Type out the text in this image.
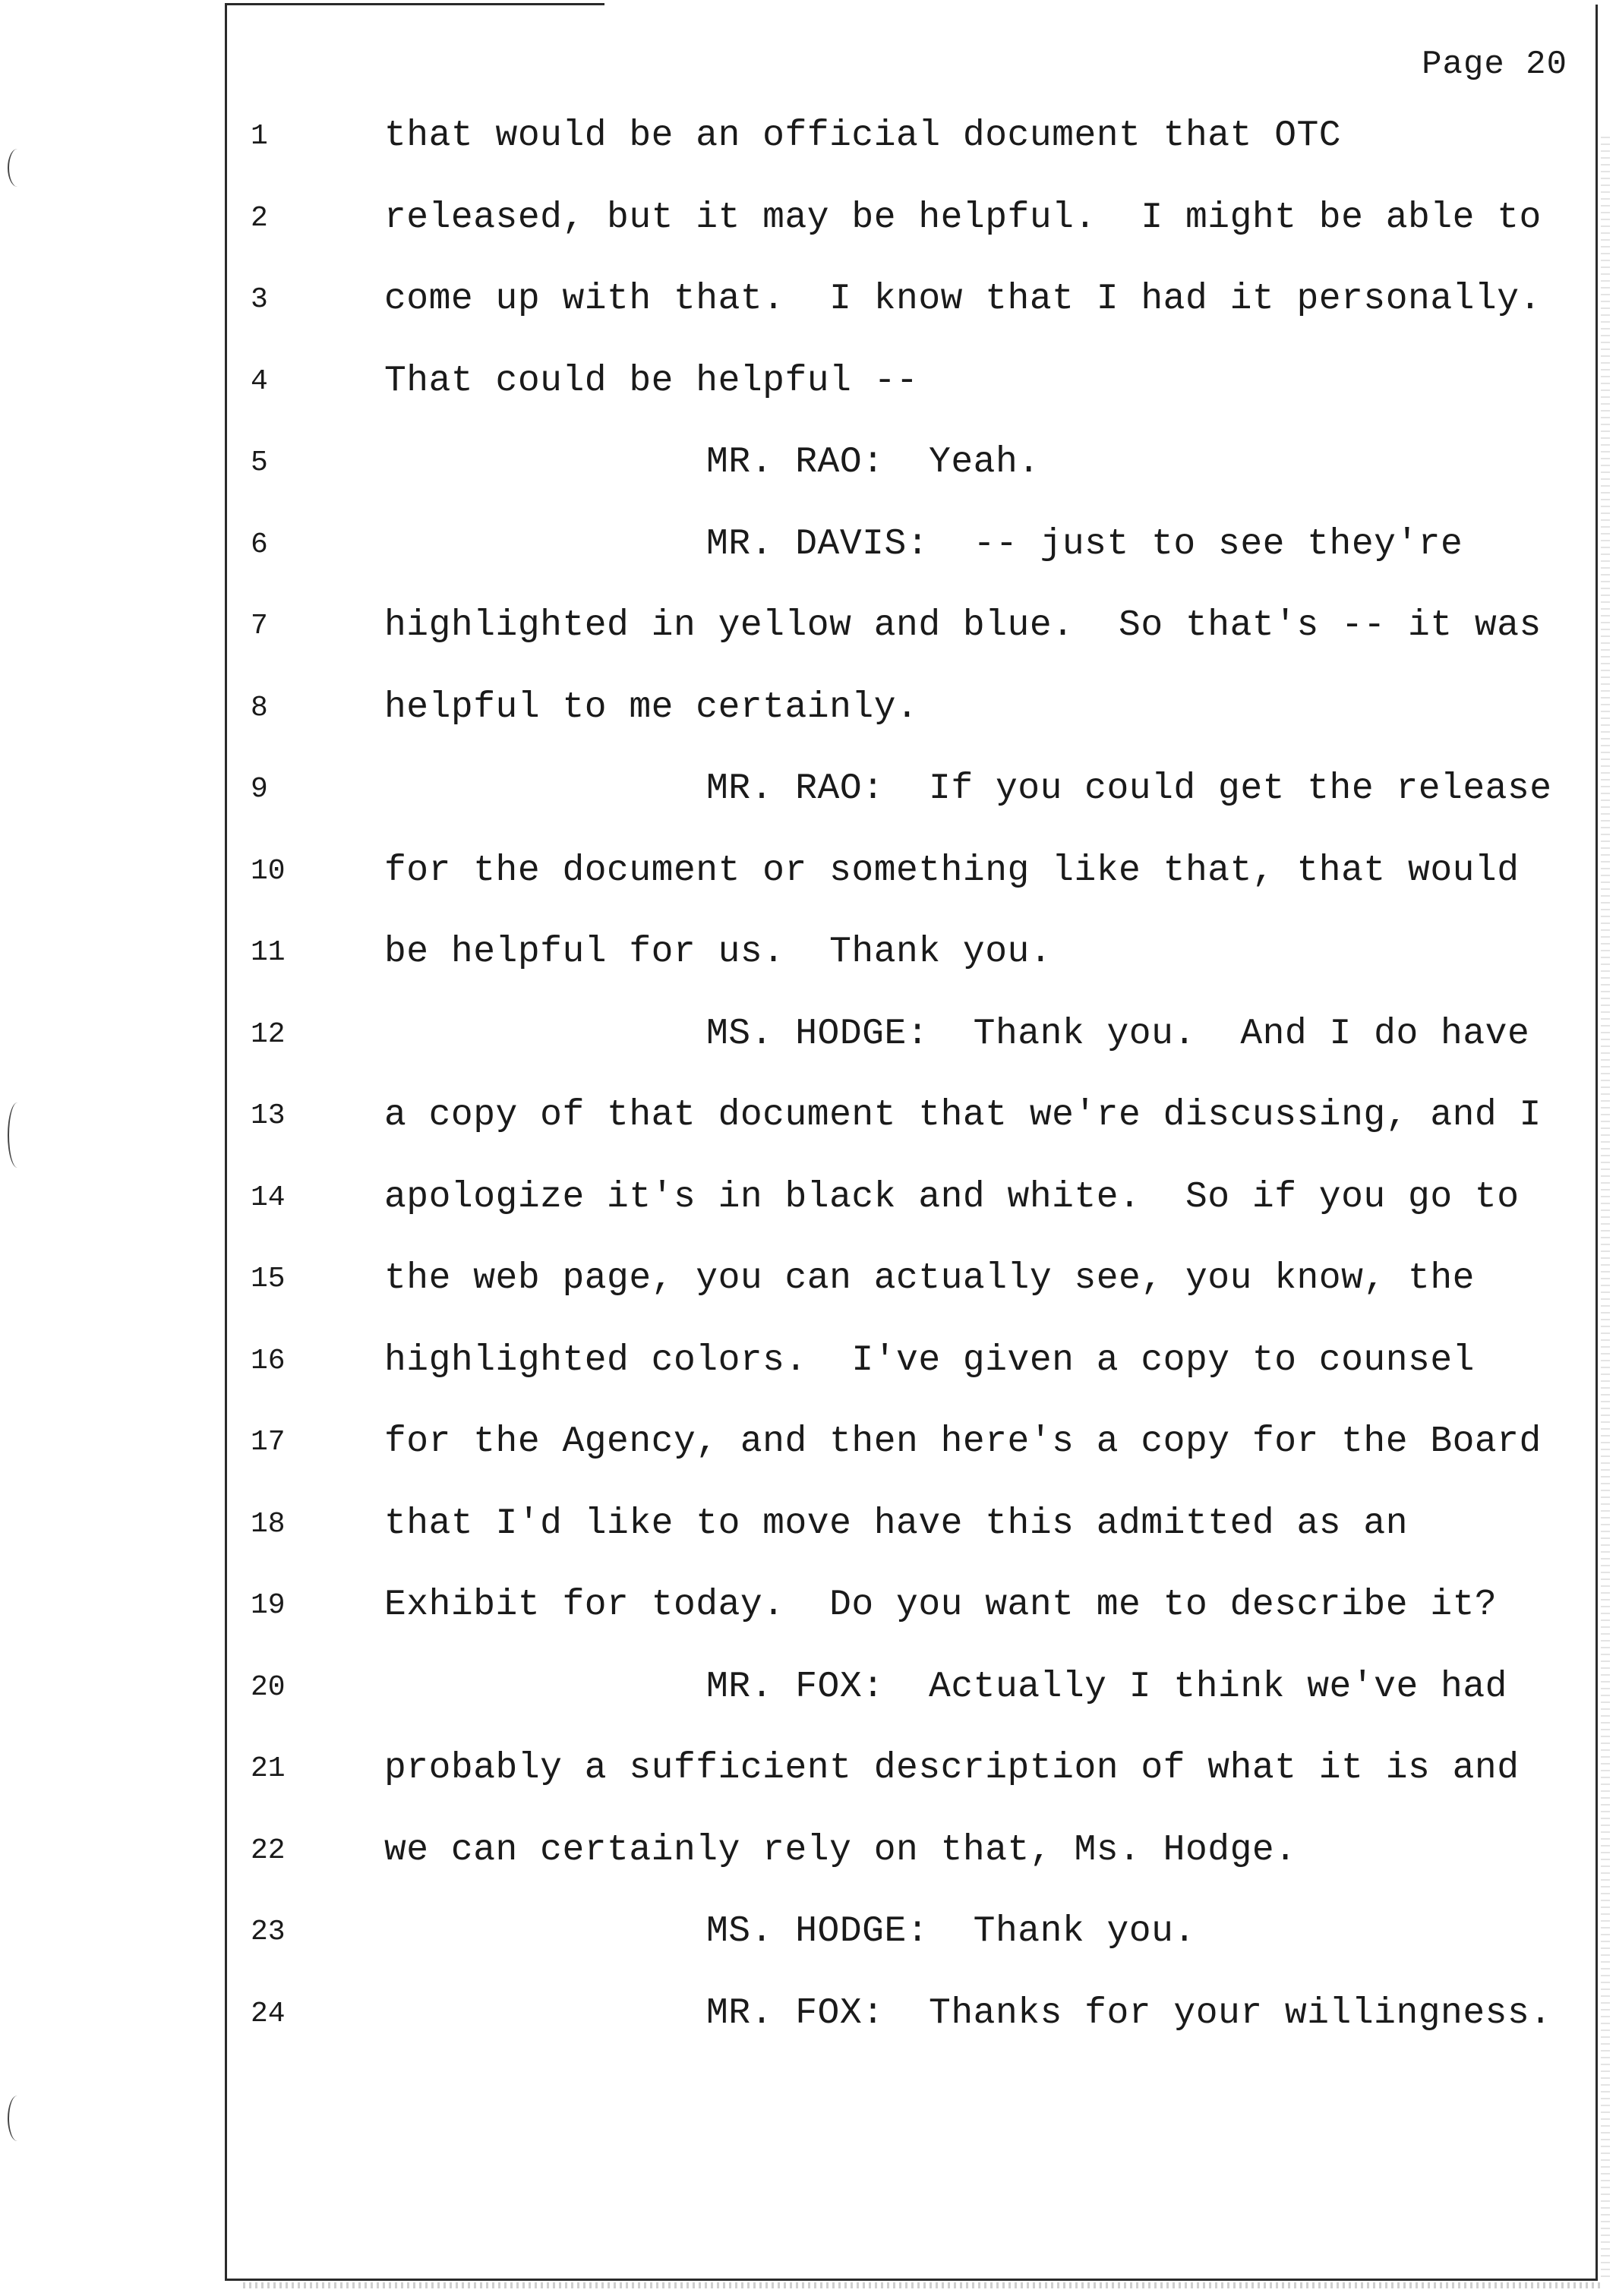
Page 20
1	that would be an official document that OTC
2	released, but it may be helpful.  I might be able to
3	come up with that.  I know that I had it personally.
4	That could be helpful --
5	MR. RAO:  Yeah.
6	MR. DAVIS:  -- just to see they're
7	highlighted in yellow and blue.  So that's -- it was
8	helpful to me certainly.
9	MR. RAO:  If you could get the release
10	for the document or something like that, that would
11	be helpful for us.  Thank you.
12	MS. HODGE:  Thank you.  And I do have
13	a copy of that document that we're discussing, and I
14	apologize it's in black and white.  So if you go to
15	the web page, you can actually see, you know, the
16	highlighted colors.  I've given a copy to counsel
17	for the Agency, and then here's a copy for the Board
18	that I'd like to move have this admitted as an
19	Exhibit for today.  Do you want me to describe it?
20	MR. FOX:  Actually I think we've had
21	probably a sufficient description of what it is and
22	we can certainly rely on that, Ms. Hodge.
23	MS. HODGE:  Thank you.
24	MR. FOX:  Thanks for your willingness.
